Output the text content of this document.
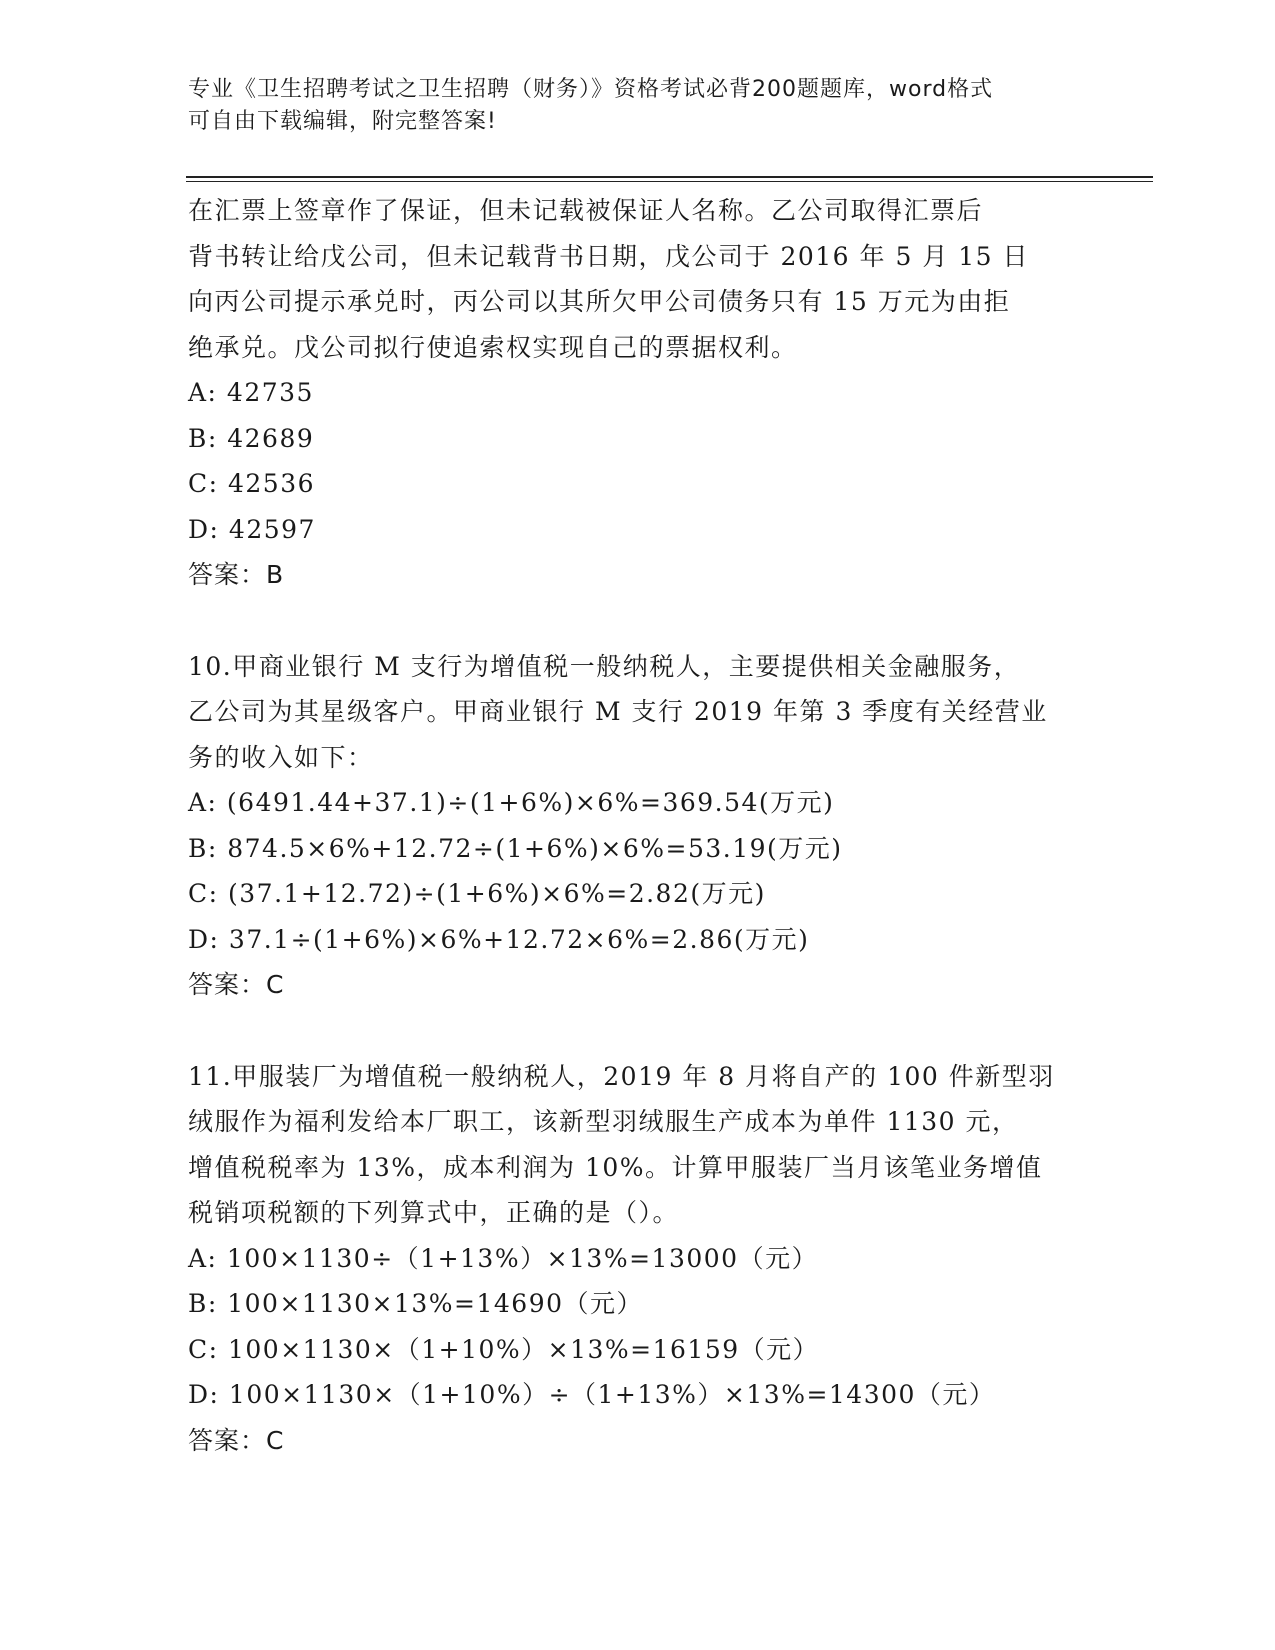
专业《卫生招聘考试之卫生招聘（财务）》资格考试必背200题题库，word格式
可自由下载编辑，附完整答案!

在汇票上签章作了保证，但未记载被保证人名称。乙公司取得汇票后

背书转让给戊公司，但未记载背书日期，戊公司于 2016 年 5 月 15 日

向丙公司提示承兑时，丙公司以其所欠甲公司债务只有 15 万元为由拒

绝承兑。戊公司拟行使追索权实现自己的票据权利。

A: 42735

B: 42689

C: 42536

D: 42597

答案：B

10.甲商业银行 M 支行为增值税一般纳税人，主要提供相关金融服务，

乙公司为其星级客户。甲商业银行 M 支行 2019 年第 3 季度有关经营业

务的收入如下：

A: (6491.44+37.1)÷(1+6%)×6%=369.54(万元)

B: 874.5×6%+12.72÷(1+6%)×6%=53.19(万元)

C: (37.1+12.72)÷(1+6%)×6%=2.82(万元)

D: 37.1÷(1+6%)×6%+12.72×6%=2.86(万元)

答案：C

11.甲服装厂为增值税一般纳税人，2019 年 8 月将自产的 100 件新型羽

绒服作为福利发给本厂职工，该新型羽绒服生产成本为单件 1130 元，

增值税税率为 13%，成本利润为 10%。计算甲服装厂当月该笔业务增值

税销项税额的下列算式中，正确的是（）。

A: 100×1130÷（1+13%）×13%=13000（元）

B: 100×1130×13%=14690（元）

C: 100×1130×（1+10%）×13%=16159（元）

D: 100×1130×（1+10%）÷（1+13%）×13%=14300（元）

答案：C
